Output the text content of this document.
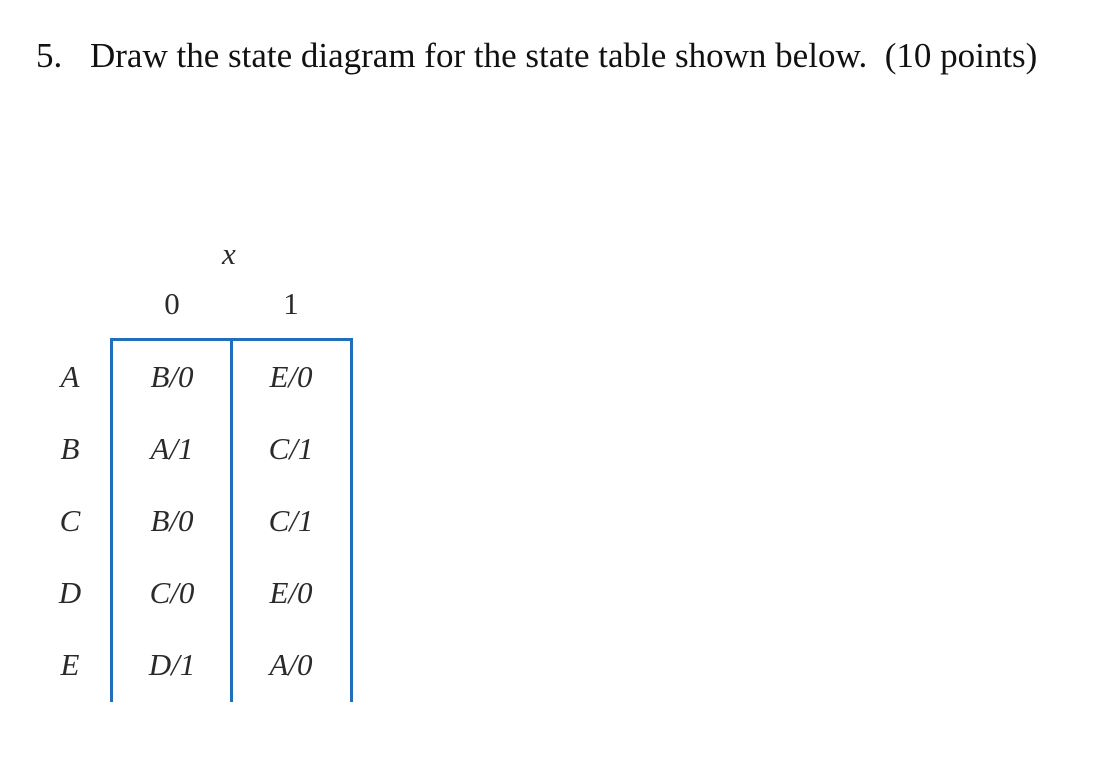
5. Draw the state diagram for the state table shown below. (10 points)
x
0	1
A	B/0	E/0
B	A/1	C/1
C	B/0	C/1
D	C/0	E/0
E	D/1	A/0
